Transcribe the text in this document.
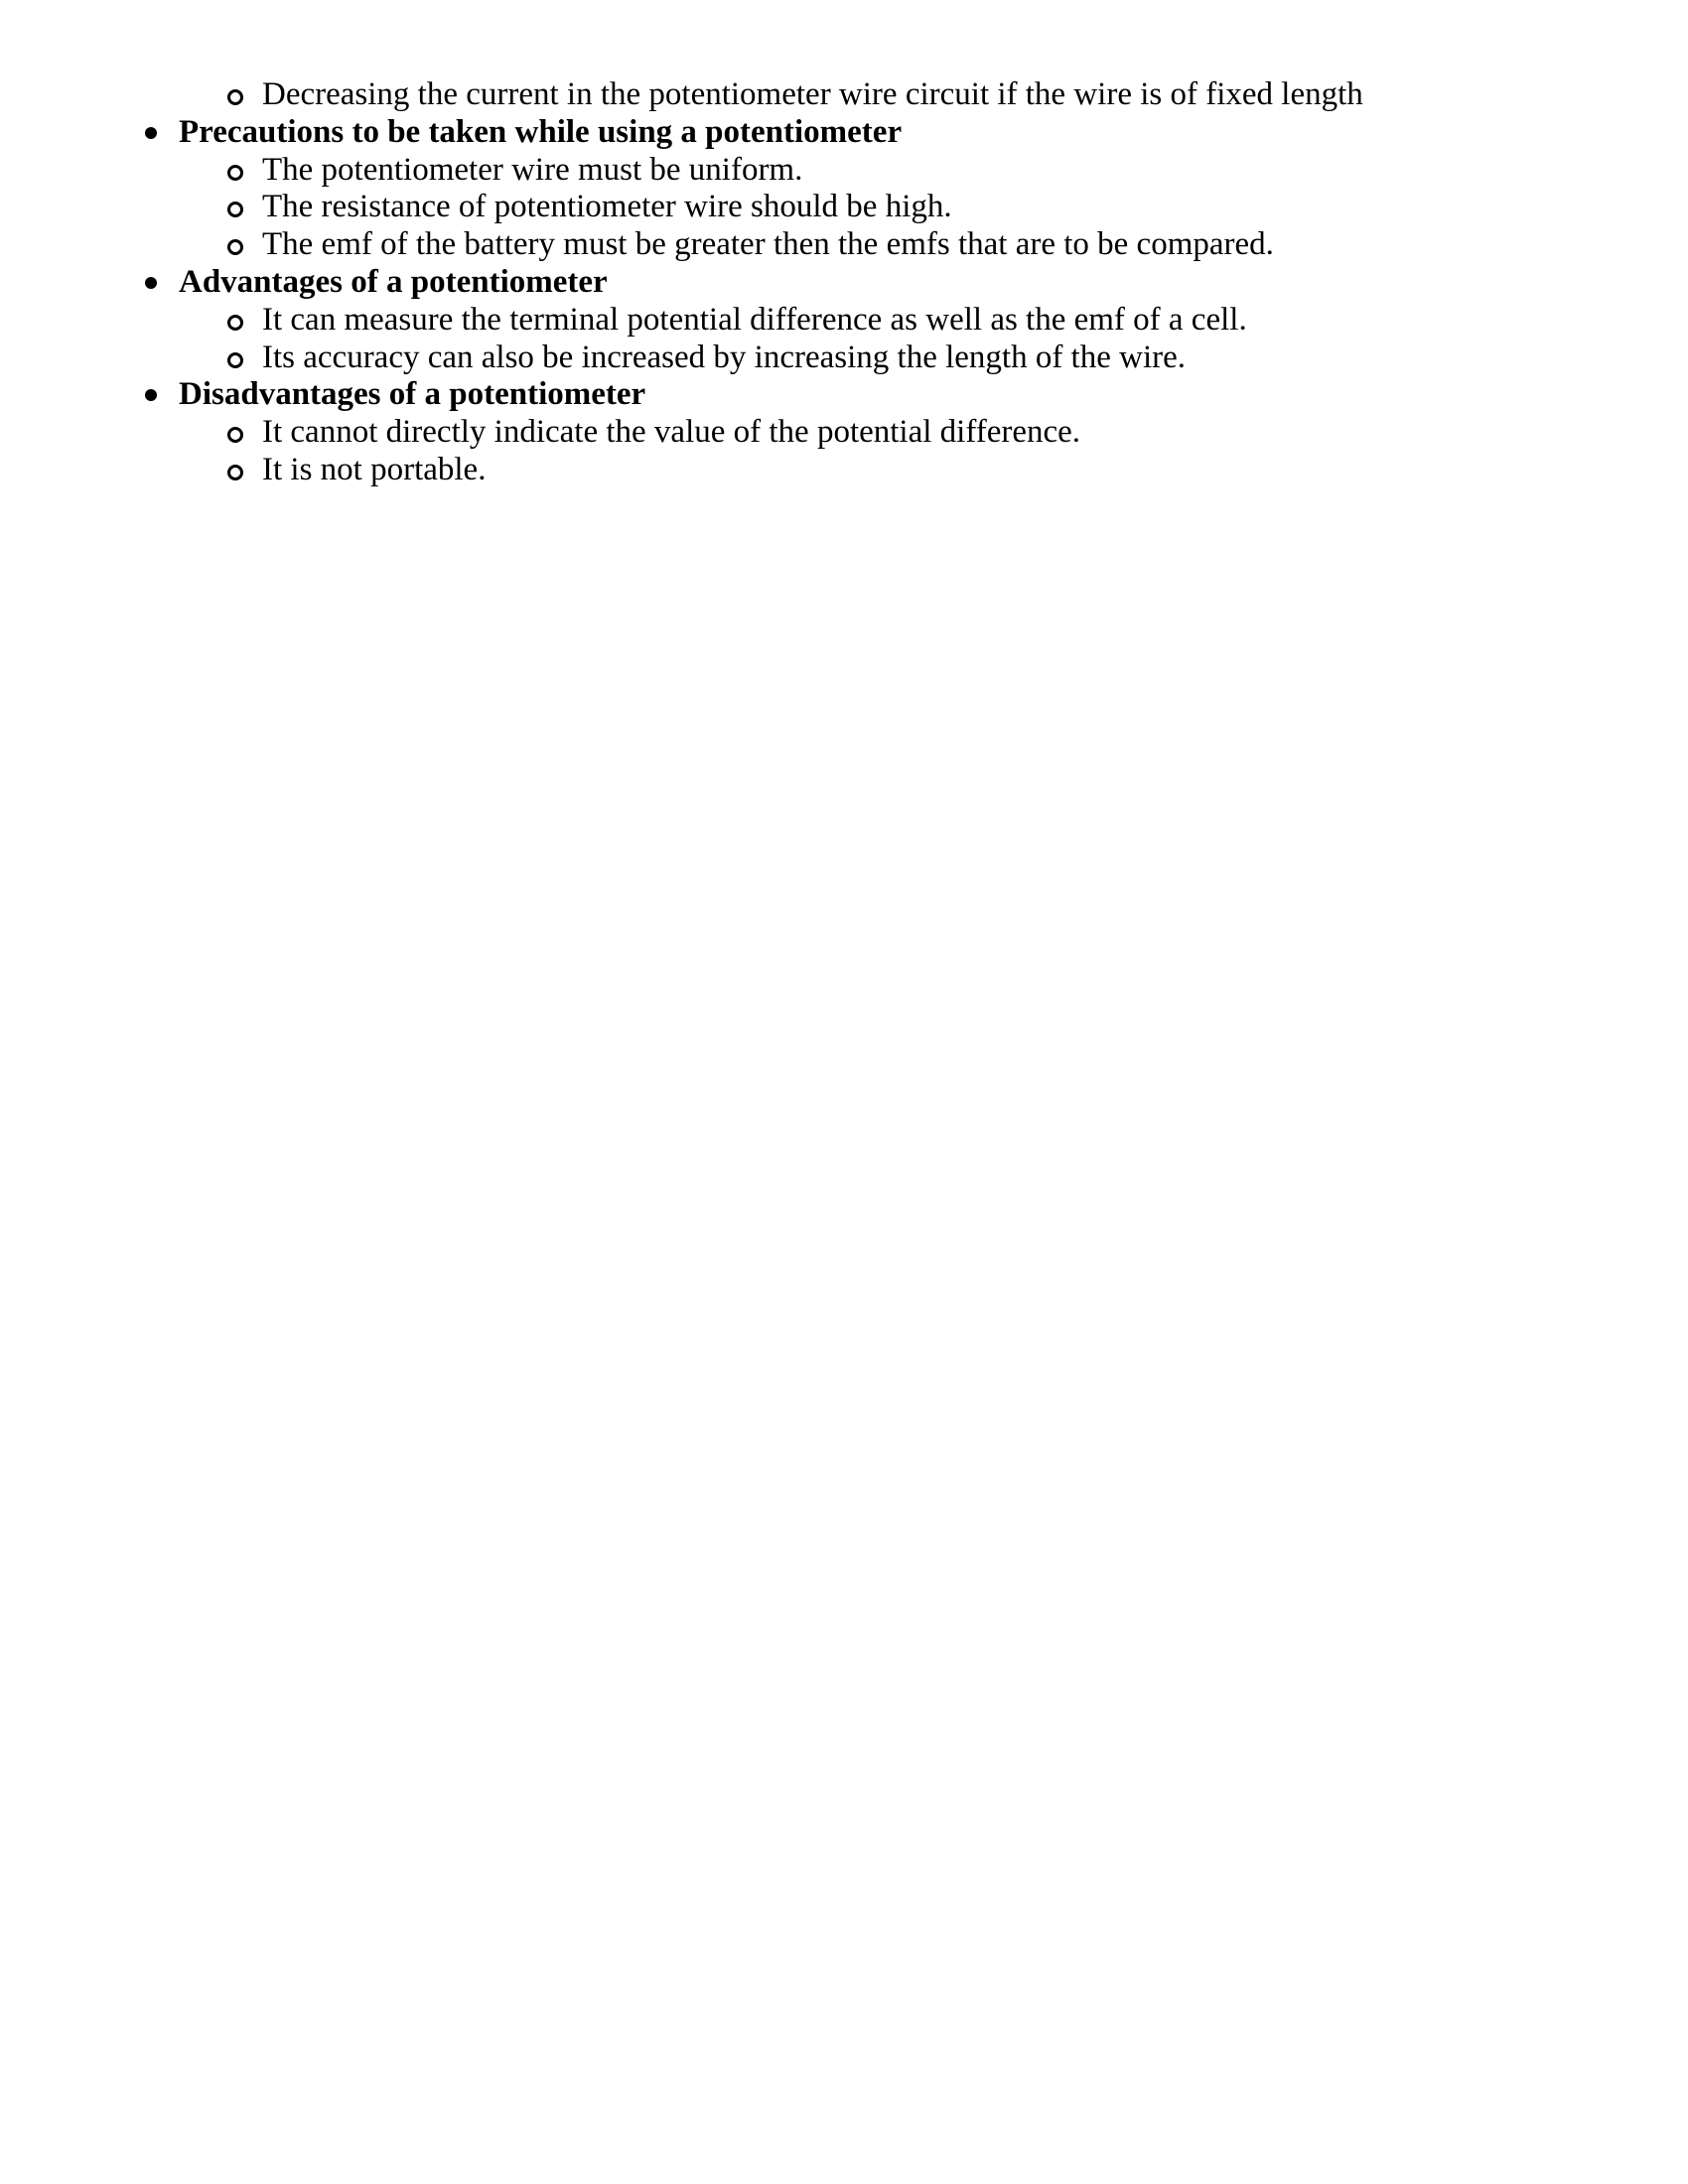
Decreasing the current in the potentiometer wire circuit if the wire is of fixed length
Precautions to be taken while using a potentiometer
The potentiometer wire must be uniform.
The resistance of potentiometer wire should be high.
The emf of the battery must be greater then the emfs that are to be compared.
Advantages of a potentiometer
It can measure the terminal potential difference as well as the emf of a cell.
Its accuracy can also be increased by increasing the length of the wire.
Disadvantages of a potentiometer
It cannot directly indicate the value of the potential difference.
It is not portable.
